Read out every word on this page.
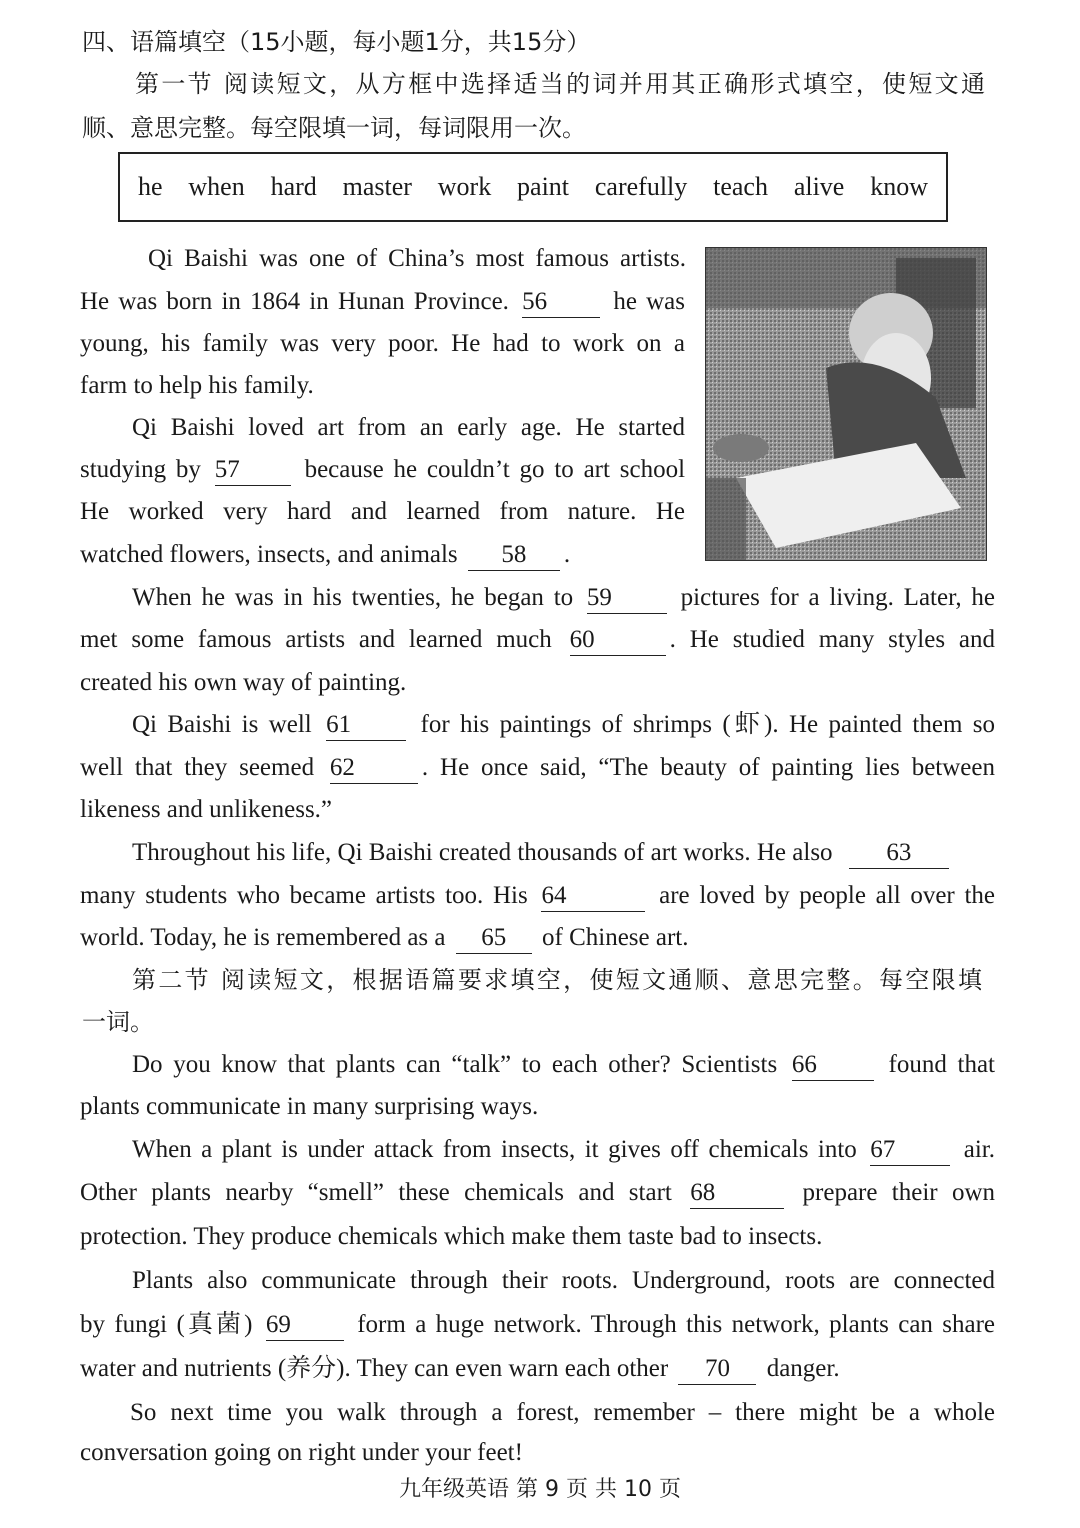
四、语篇填空（15小题，每小题1分，共15分）
第一节 阅读短文，从方框中选择适当的词并用其正确形式填空，使短文通
顺、意思完整。每空限填一词，每词限用一次。
he when hard master work paint carefully teach alive know
Qi Baishi was one of China’s most famous artists.
He was born in 1864 in Hunan Province. 56	he was
young, his family was very poor. He had to work on a
farm to help his family.
Qi Baishi loved art from an early age. He started
studying by 57	because he couldn’t go to art school
He worked very hard and learned from nature. He
watched flowers, insects, and animals 58 .
When he was in his twenties, he began to 59	pictures for a living. Later, he
met some famous artists and learned much 60	. He studied many styles and
created his own way of painting.
Qi Baishi is well 61	for his paintings of shrimps (虾). He painted them so
well that they seemed 62	. He once said, “The beauty of painting lies between
likeness and unlikeness.”
Throughout his life, Qi Baishi created thousands of art works. He also 63
many students who became artists too. His 64	are loved by people all over the
world. Today, he is remembered as a 65 of Chinese art.
第二节 阅读短文，根据语篇要求填空，使短文通顺、意思完整。每空限填
一词。
Do you know that plants can “talk” to each other? Scientists 66	found that
plants communicate in many surprising ways.
When a plant is under attack from insects, it gives off chemicals into 67	air.
Other plants nearby “smell” these chemicals and start 68	prepare their own
protection. They produce chemicals which make them taste bad to insects.
Plants also communicate through their roots. Underground, roots are connected
by fungi (真菌) 69	form a huge network. Through this network, plants can share
water and nutrients (养分). They can even warn each other 70 danger.
So next time you walk through a forest, remember – there might be a whole
conversation going on right under your feet!
九年级英语 第 9 页 共 10 页
